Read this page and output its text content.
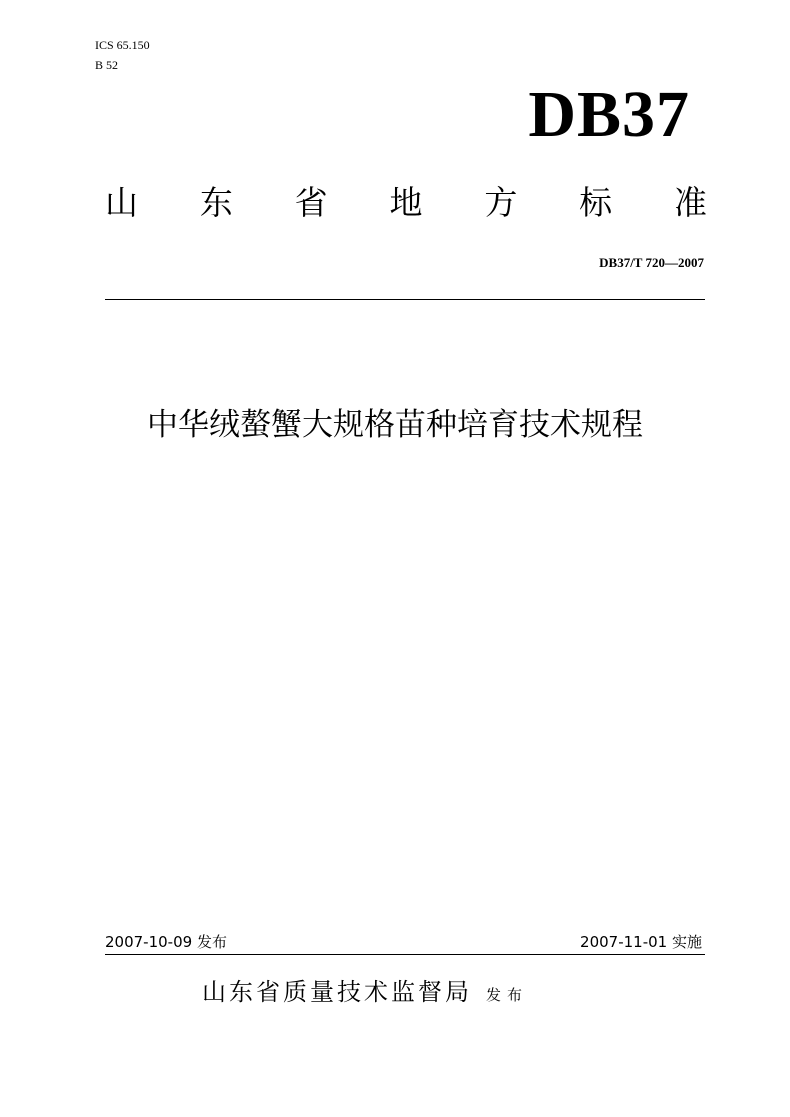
ICS 65.150
B 52
DB37
山 东 省 地 方 标 准
DB37/T 720—2007
中华绒螯蟹大规格苗种培育技术规程
2007-10-09 发布	2007-11-01 实施
山东省质量技术监督局 发布
